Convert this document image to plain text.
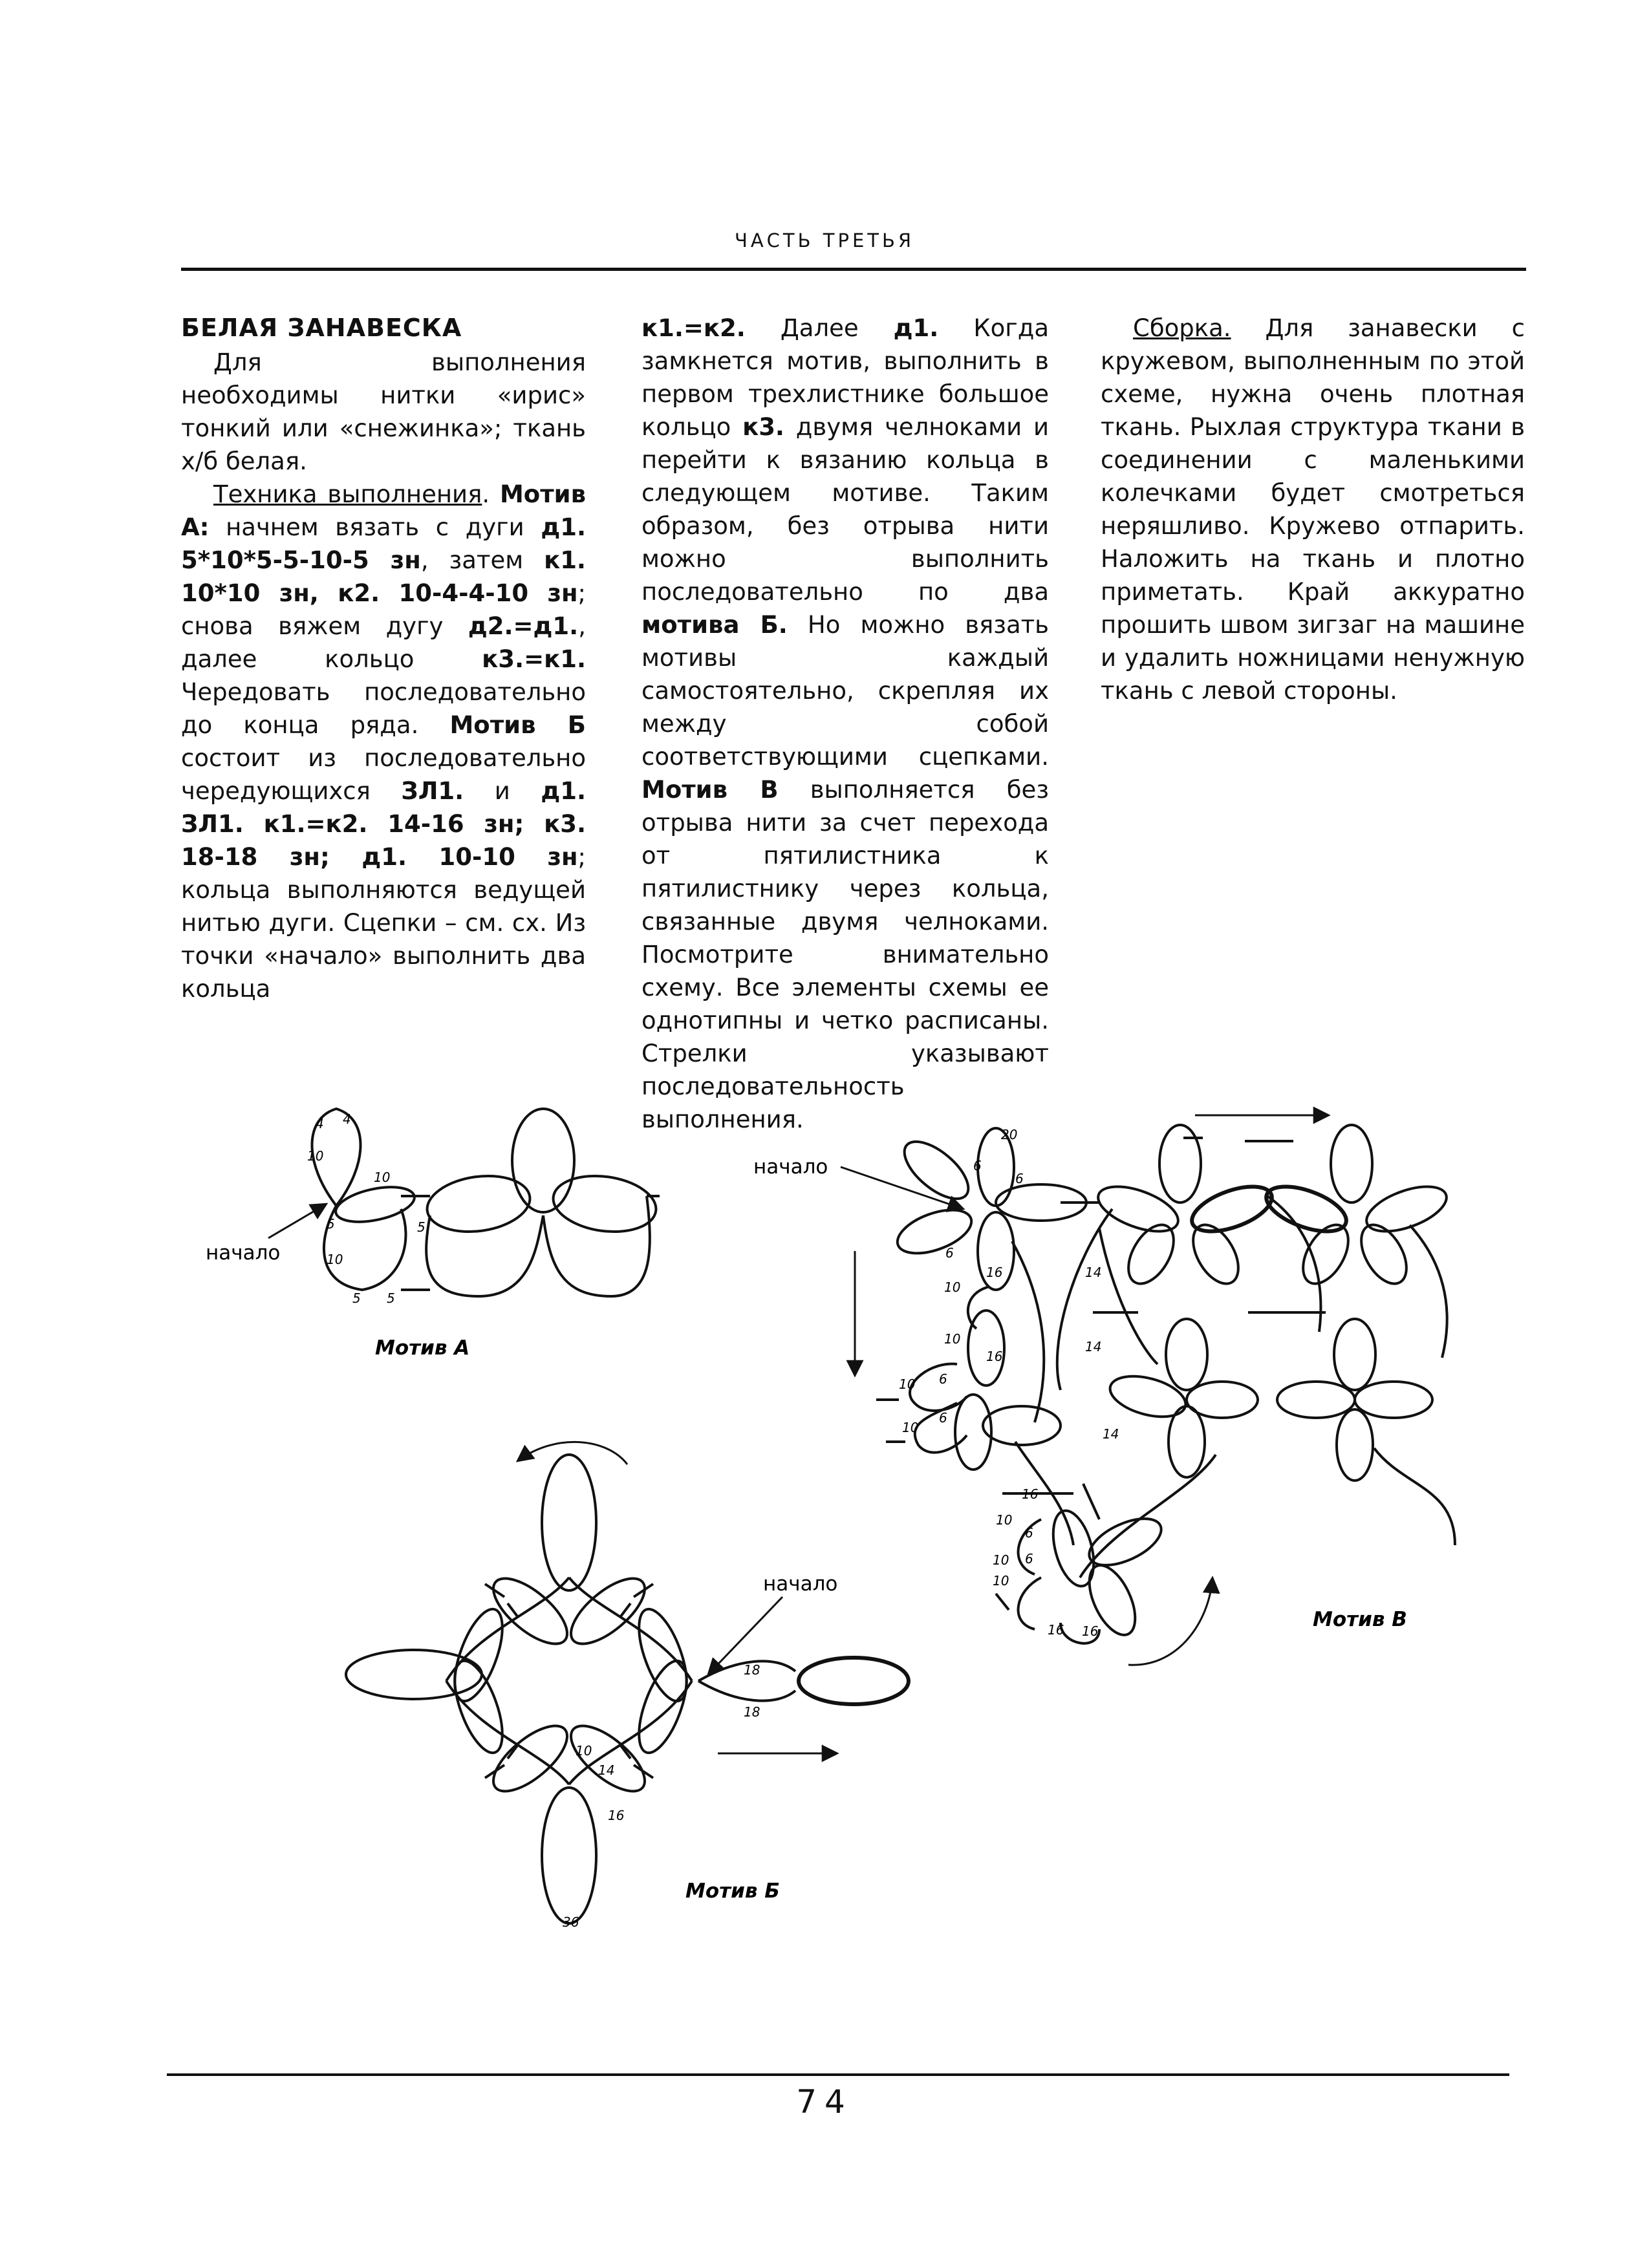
ЧАСТЬ ТРЕТЬЯ
БЕЛАЯ ЗАНАВЕСКА

Для выполнения необходимы нитки «ирис» тонкий или «снежинка»; ткань х/б белая.

Техника выполнения. Мотив А: начнем вязать с дуги д1. 5*10*5-5-10-5 зн, затем к1. 10*10 зн, к2. 10-4-4-10 зн; снова вяжем дугу д2.=д1., далее кольцо к3.=к1. Чередовать последовательно до конца ряда. Мотив Б состоит из последовательно чередующихся ЗЛ1. и д1. ЗЛ1. к1.=к2. 14-16 зн; к3. 18-18 зн; д1. 10-10 зн; кольца выполняются ведущей нитью дуги. Сцепки – см. сх. Из точки «начало» выполнить два кольца

к1.=к2. Далее д1. Когда замкнется мотив, выполнить в первом трехлистнике большое кольцо к3. двумя челноками и перейти к вязанию кольца в следующем мотиве. Таким образом, без отрыва нити можно выполнить последовательно по два мотива Б. Но можно вязать мотивы каждый самостоятельно, скрепляя их между собой соответствующими сцепками. Мотив В выполняется без отрыва нити за счет перехода от пятилистника к пятилистнику через кольца, связанные двумя челноками. Посмотрите внимательно схему. Все элементы схемы ее однотипны и четко расписаны. Стрелки указывают последовательность выполнения.

Сборка. Для занавески с кружевом, выполненным по этой схеме, нужна очень плотная ткань. Рыхлая структура ткани в соединении с маленькими колечками будет смотреться неряшливо. Кружево отпарить. Наложить на ткань и плотно приметать. Край аккуратно прошить швом зигзаг на машине и удалить ножницами ненужную ткань с левой стороны.

4 4
10
10
5	5
10
5 5
начало
Мотив А
начало
18
18
10
14
16
36
Мотив Б
20
6
6
6
10
16
10
16
10 6
10
6
14
14
14
16
10
6
6
10
10
16 16
начало
Мотив В
74
